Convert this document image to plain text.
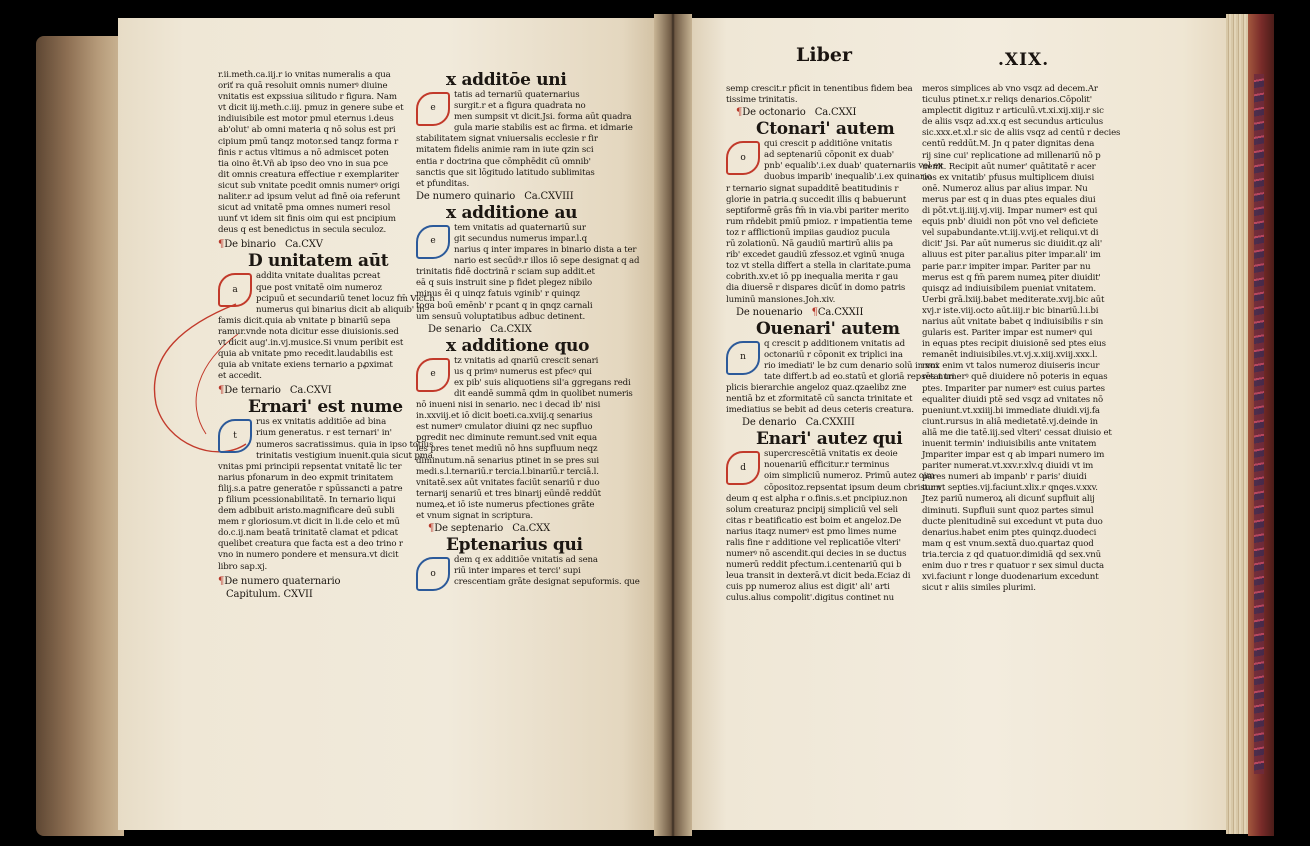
Liber	.XIX.
r.ii.meth.ca.iij.r io vnitas numeralis a qua
oriť ra quā resoluit omnis numerꝰ diuine
vnitatis est expssiua silitudo r figura. Nam
vt dicit iij.meth.c.iij. pmuz in genere sube et
indiuisibile est motor pmul eternus i.deus
ab'olut' ab omni materia q nō solus est pri
cipium pmū tanqz motor.sed tanqz forma r
finis r actus vltimus a nō admiscet poten
tia oino ẽt.Vñ ab ipso deo vno in sua pce
dit omnis creatura effectiue r exemplariter
sicut sub vnitate pcedit omnis numerꝰ origi
naliter.r ad ipsum velut ad finē oia referunt
sicut ad vnitatē pma omnes numeri resol
uunť vt idem sit finis oim qui est pncipium
deus q est benedictus in secula seculoz.
¶De binario Ca.CXV
D unitatem aūt
a
addita vnitate dualitas pcreat
que post vnitatē oim numeroz
pcipuū et secundariū tenet locuz fm̄ Vict.h
numerus qui binarius dicit ab aliquib' in
famis dicit.quia ab vnitate p binariū sepa
ramur.vnde nota dicitur esse diuisionis.sed
vt dicit aug'.in.vj.musice.Si vnum peribit est
quia ab vnitate pmo recedit.laudabilis est
quia ab vnitate exiens ternario a pꝓximat
et accedit.
¶De ternario Ca.CXVI
Ernari' est nume
t
rus ex vnitatis additiōe ad bina
rium generatus. r est ternari' in'
numeros sacratissimus. quia in ipso totius
trinitatis vestigium inuenit.quia sicut pma
vnitas pmi principii repsentat vnitatē lic ter
narius pfonarum in deo expmit trinitatem
filij.s.a patre generatōe r spūssancti a patre
p filium pcessionabilitatē. In ternario liqui
dem adbibuit aristo.magnificare deū subli
mem r gloriosum.vt dicit in li.de celo et mū
do.c.ij.nam beatā trinitatē clamat et pdicat
quelibet creatura que facta est a deo trino r
vno in numero pondere et mensura.vt dicit
libro sap.xj.
¶De numero quaternario
Capitulum. CXVII
x additōe uni
e
tatis ad ternariū quaternarius
surgit.r et a figura quadrata no
men sumpsit vt dicit.Jsi. forma aūt quadra
gula marie stabilis est ac firma. et idmarie
stabilitatem signat vniuersalis ecclesie r fir
mitatem fidelis animie ram in iute qzin sci
entia r doctrina que cōmphēdit cū omnib'
sanctis que sit lōgitudo latitudo sublimitas
et pfunditas.
De numero quinario Ca.CXVIII
x additione au
e
tem vnitatis ad quaternariū sur
git secundus numerus impar.l.q
narius q inter impares in binario dista a ter
nario est secūdꝰ.r illos iō sepe designat q ad
trinitatis fidē doctrinā r sciam sup addit.et
eā q suis instruit sine p fidet plegez nibilo
minus ēi q uinqz fatuis vginib' r quinqz
toga boū emēnb' r pcant q in qnqz carnali
um sensuū voluptatibus adbuc detinent.
De senario Ca.CXIX
x additione quo
e
tz vnitatis ad qnariū crescit senari
us q primꝰ numerus est pfecꝰ qui
ex pib' suis aliquotiens sil'a ggregans redi
dit eandē summā qdm in quolibet numeris
nō inueni nisi in senario. nec i decad ib' nisi
in.xxviij.et iō dicit boeti.ca.xviij.q senarius
est numerꝰ cmulator diuini qz nec supfluo
pgredit nec diminute remunt.sed vnit equa
les pres tenet mediū nō hns supfluum neqz
diminutum.nā senarius ptinet in se pres sui
medi.s.l.ternariū.r tercia.l.binariū.r terciā.l.
vnitatē.sex aūt vnitates faciūt senariū r duo
ternarij senariū et tres binarij eūndē reddūt
numeꝝ.et iō iste numerus pfectiones grāte
et vnum signat in scriptura.
¶De septenario Ca.CXX
Eptenarius qui
o
dem q ex additiōe vnitatis ad sena
riū inter impares et terci' supi
crescentiam grāte designat sepuformis. que
semp crescit.r pficit in tenentibus fidem bea
tissime trinitatis.
¶De octonario Ca.CXXI
Ctonari' autem
o
qui crescit p additiōne vnitatis
ad septenariū cōponit ex duab'
pnb' equalib'.i.ex duab' quaternariis vel ex
duobus imparib' inequalib'.i.ex quinario
r ternario signat supadditē beatitudinis r
glorie in patria.q succedit illis q babuerunt
septiformē grās fm̄ in via.vbi pariter merito
rum rñdebit pmiū pmioz. r impatientia teme
toz r afflictionū impiias gaudioz pucula
rū zolationū. Nā gaudiū martirū aliis pa
rib' excedet gaudiū zfessoz.et vginū ꝛnuga
toz vt stella differt a stella in claritate.puma
cobrith.xv.et iō pp inequalia merita r gau
dia diuersē r dispares dicūť in domo patris
luminū mansiones.Joh.xiv.
De nouenario ¶Ca.CXXII
Ouenari' autem
n
q crescit p additionem vnitatis ad
octonariū r cōponit ex triplici ina
rio imediati' le bz cum denario solū in vni
tate differt.b ad eo.statū et gloriā repsētat tri
plicis bierarchie angeloz quaz.qzaelibz zne
nentiā bz et zformitatē cū sancta trinitate et
imediatius se bebit ad deus ceteris creatura.
De denario Ca.CXXIII
Enari' autez qui
d
supercrescētiā vnitatis ex deoie
nouenariū efficitur.r terminus
oim simpliciū numeroz. Primū autez oim
cōpositoz.repsentat ipsum deum cbristum
deum q est alpha r o.finis.s.et pncipiuz.non
solum creaturaz pncipij simpliciū vel seli
citas r beatificatio est boim et angeloz.De
narius itaqz numerꝰ est pmo limes nume
ralis fine r additione vel replicatiōe vlteri'
numerꝰ nō ascendit.qui decies in se ductus
numerū reddit pfectum.i.centenariū qui b
leua transit in dexterā.vt dicit beda.Eciaz di
cuis pp numeroz alius est digit' ali' arti
culus.alius compolit'.digitus continet nu
meros simplices ab vno vsqz ad decem.Ar
ticulus ptinet.x.r reliqs denarios.Cōpolit'
amplectit digituz r articulū.vt.xi.xij.xiij.r sic
de aliis vsqz ad.xx.q est secundus articulus
sic.xxx.et.xl.r sic de aliis vsqz ad centū r decies
centū reddūt.M. Jn q pater dignitas dena
rij sine cui' replicatione ad millenariū nō p
uenit. Recipit aūt numer' quātitatē r acer
uos ex vnitatib' pfusus multiplicem diuisi
onē. Numeroz alius par alius impar. Nu
merus par est q in duas ptes equales diui
di pōt.vt.ij.iiij.vj.viij. Impar numerꝰ est qui
equis pnb' diuidi non pōt vno vel deficiete
vel supabundante.vt.iij.v.vij.et reliqui.vt di
dicit' Jsi. Par aūt numerus sic diuidit.qz ali'
aliuus est piter par.alius piter impar.ali' im
parie par.r impiter impar. Pariter par nu
merus est q fm̄ parem numeꝝ piter diuidit'
quisqz ad indiuisibilem pueniat vnitatem.
Uerbi grā.lxiij.babet mediterate.xvij.bic aūt
xvj.r iste.viij.octo aūt.iiij.r bic binariū.l.i.bi
narius aūt vnitate babet q indiuisibilis r sin
gularis est. Pariter impar est numerꝰ qui
in equas ptes recipit diuisionē sed ptes eius
remanēt indiuisibiles.vt.vj.x.xiij.xviij.xxx.l.
mox enim vt talos numeroz diuiseris incur
res numerꝰ quē diuidere nō poteris in equas
ptes. Impariter par numerꝰ est cuius partes
equaliter diuidi ptē sed vsqz ad vnitates nō
pueniunt.vt.xxiiij.bi immediate diuidi.vij.fa
ciunt.rursus in aliā medietatē.vj.deinde in
aliā me die tatē.iij.sed vlteri' cessat diuisio et
inuenit termin' indiuisibilis ante vnitatem
Jmpariter impar est q ab impari numero im
pariter numerat.vt.xxv.r.xlv.q diuidi vt im
pares numeri ab impanb' r paris' diuidi
tur vt septies.vij.faciunt.xlix.r qnqes.v.xxv.
Jtez pariū numeroꝝ ali dicunť supfluit alij
diminuti. Supfluii sunt quoz partes simul
ducte plenitudinē sui excedunt vt puta duo
denarius.habet enim ptes quinqz.duodeci
mam q est vnum.sextā duo.quartaz quod
tria.tercia z qd quatuor.dimidiā qd sex.vnū
enim duo r tres r quatuor r sex simul ducta
xvi.faciunt r longe duodenarium excedunt
sicut r aliis similes plurimi.
